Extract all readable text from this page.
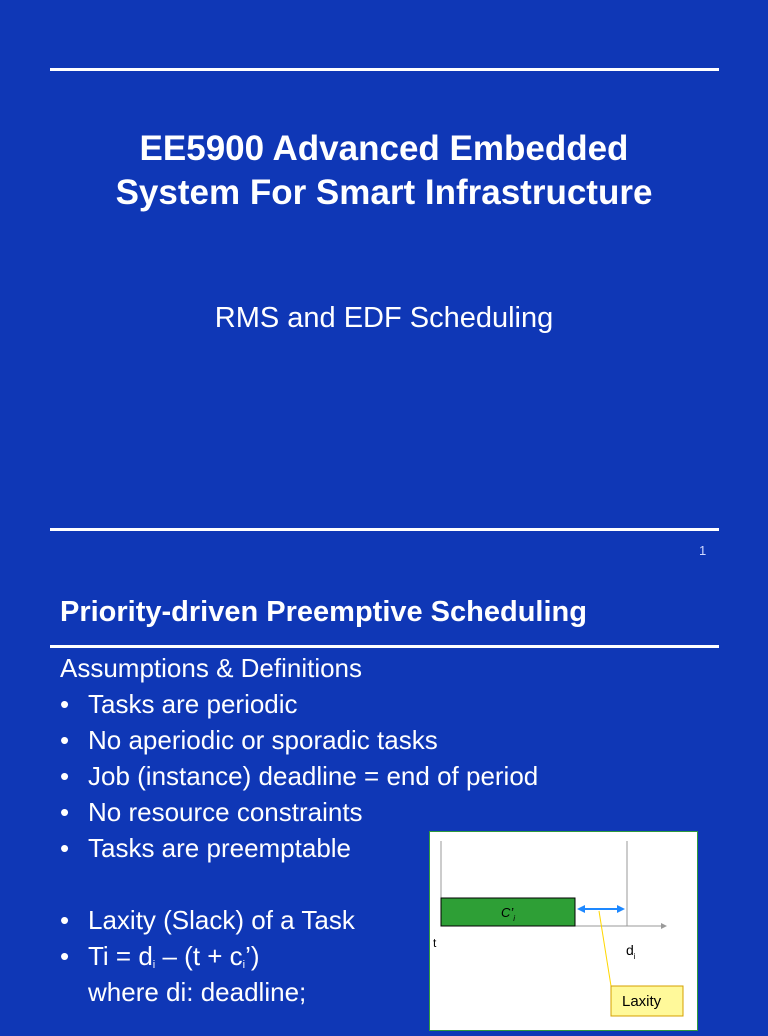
EE5900 Advanced Embedded
System For Smart Infrastructure
RMS and EDF Scheduling
1
Priority-driven Preemptive Scheduling
Assumptions & Definitions
• Tasks are periodic
• No aperiodic or sporadic tasks
• Job (instance) deadline = end of period
• No resource constraints
• Tasks are preemptable
• Laxity (Slack) of a Task
• $Ti = d_i - (t$ + $c_i$’)
where di: deadline;
$C’_i$
t	$d_i$
Laxity
